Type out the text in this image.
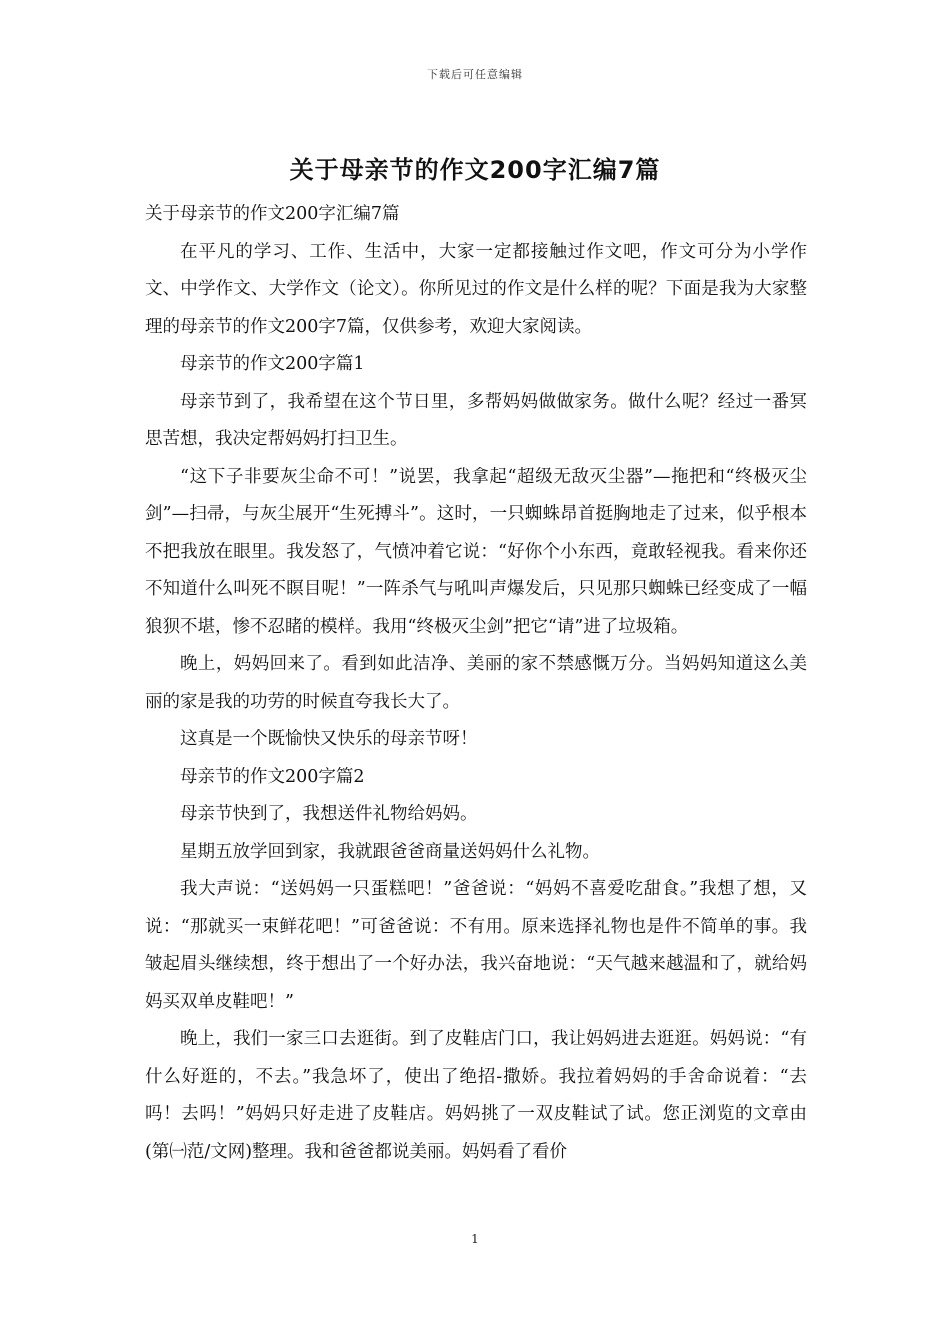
下载后可任意编辑
关于母亲节的作文200字汇编7篇

关于母亲节的作文200字汇编7篇

在平凡的学习、工作、生活中，大家一定都接触过作文吧，作文可分为小学作文、中学作文、大学作文（论文）。你所见过的作文是什么样的呢？下面是我为大家整理的母亲节的作文200字7篇，仅供参考，欢迎大家阅读。

母亲节的作文200字篇1

母亲节到了，我希望在这个节日里，多帮妈妈做做家务。做什么呢？经过一番冥思苦想，我决定帮妈妈打扫卫生。

“这下子非要灰尘命不可！”说罢，我拿起“超级无敌灭尘器”—拖把和“终极灭尘剑”—扫帚，与灰尘展开“生死搏斗”。这时，一只蜘蛛昂首挺胸地走了过来，似乎根本不把我放在眼里。我发怒了，气愤冲着它说：“好你个小东西，竟敢轻视我。看来你还不知道什么叫死不瞑目呢！”一阵杀气与吼叫声爆发后，只见那只蜘蛛已经变成了一幅狼狈不堪，惨不忍睹的模样。我用“终极灭尘剑”把它“请”进了垃圾箱。

晚上，妈妈回来了。看到如此洁净、美丽的家不禁感慨万分。当妈妈知道这么美丽的家是我的功劳的时候直夸我长大了。

这真是一个既愉快又快乐的母亲节呀！

母亲节的作文200字篇2

母亲节快到了，我想送件礼物给妈妈。

星期五放学回到家，我就跟爸爸商量送妈妈什么礼物。

我大声说：“送妈妈一只蛋糕吧！”爸爸说：“妈妈不喜爱吃甜食。”我想了想，又说：“那就买一束鲜花吧！”可爸爸说：不有用。原来选择礼物也是件不简单的事。我皱起眉头继续想，终于想出了一个好办法，我兴奋地说：“天气越来越温和了，就给妈妈买双单皮鞋吧！”

晚上，我们一家三口去逛街。到了皮鞋店门口，我让妈妈进去逛逛。妈妈说：“有什么好逛的，不去。”我急坏了，使出了绝招-撒娇。我拉着妈妈的手舍命说着：“去吗！去吗！”妈妈只好走进了皮鞋店。妈妈挑了一双皮鞋试了试。您正浏览的文章由(第㈠范/文网)整理。我和爸爸都说美丽。妈妈看了看价

1
